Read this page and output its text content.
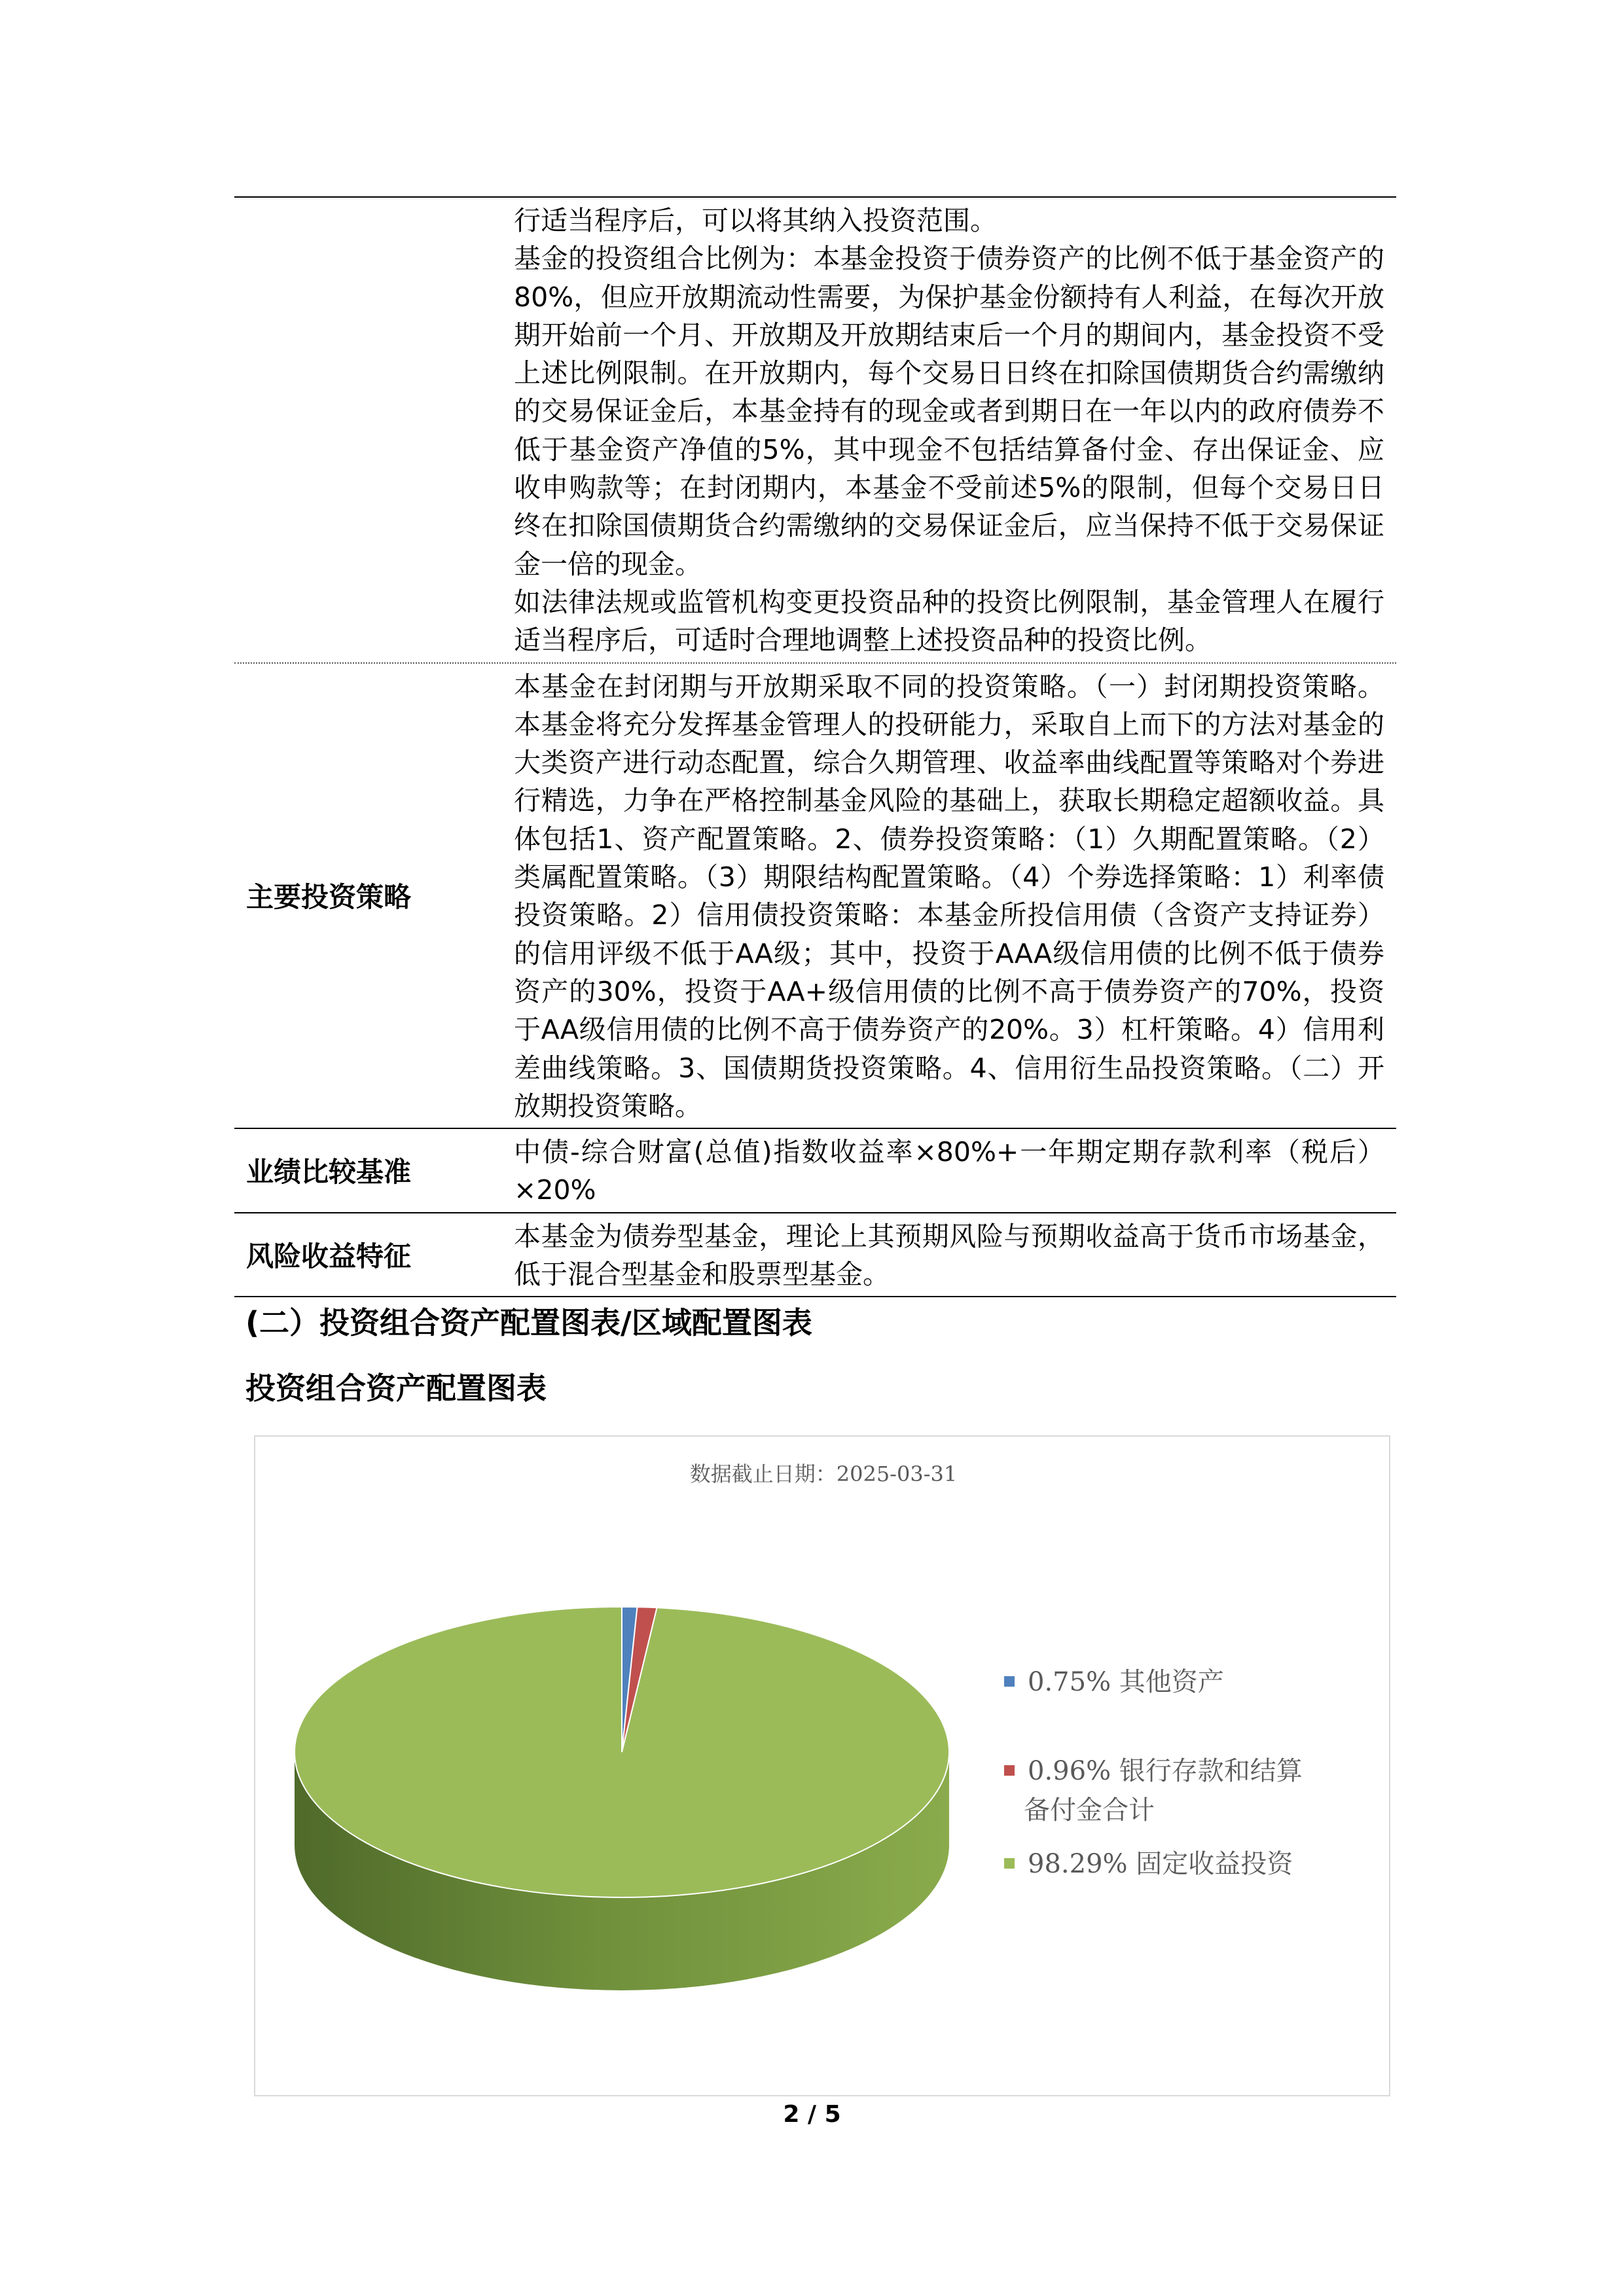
行适当程序后，可以将其纳入投资范围。

基金的投资组合比例为：本基金投资于债券资产的比例不低于基金资产的80%，但应开放期流动性需要，为保护基金份额持有人利益，在每次开放期开始前一个月、开放期及开放期结束后一个月的期间内，基金投资不受上述比例限制。在开放期内，每个交易日日终在扣除国债期货合约需缴纳的交易保证金后，本基金持有的现金或者到期日在一年以内的政府债券不低于基金资产净值的5%，其中现金不包括结算备付金、存出保证金、应收申购款等；在封闭期内，本基金不受前述5%的限制，但每个交易日日终在扣除国债期货合约需缴纳的交易保证金后，应当保持不低于交易保证金一倍的现金。

如法律法规或监管机构变更投资品种的投资比例限制，基金管理人在履行适当程序后，可适时合理地调整上述投资品种的投资比例。

主要投资策略

本基金在封闭期与开放期采取不同的投资策略。（一）封闭期投资策略。本基金将充分发挥基金管理人的投研能力，采取自上而下的方法对基金的大类资产进行动态配置，综合久期管理、收益率曲线配置等策略对个券进行精选，力争在严格控制基金风险的基础上，获取长期稳定超额收益。具体包括1、资产配置策略。2、债券投资策略：（1）久期配置策略。（2）类属配置策略。（3）期限结构配置策略。（4）个券选择策略：1）利率债投资策略。2）信用债投资策略：本基金所投信用债（含资产支持证券）的信用评级不低于AA级；其中，投资于AAA级信用债的比例不低于债券资产的30%，投资于AA+级信用债的比例不高于债券资产的70%，投资于AA级信用债的比例不高于债券资产的20%。3）杠杆策略。4）信用利差曲线策略。3、国债期货投资策略。4、信用衍生品投资策略。（二）开放期投资策略。

业绩比较基准

中债-综合财富(总值)指数收益率×80%+一年期定期存款利率（税后）×20%

风险收益特征

本基金为债券型基金，理论上其预期风险与预期收益高于货币市场基金，低于混合型基金和股票型基金。

(二）投资组合资产配置图表/区域配置图表
投资组合资产配置图表
数据截止日期：2025-03-31
0.75% 其他资产
0.96% 银行存款和结算
备付金合计
98.29% 固定收益投资
2 / 5
